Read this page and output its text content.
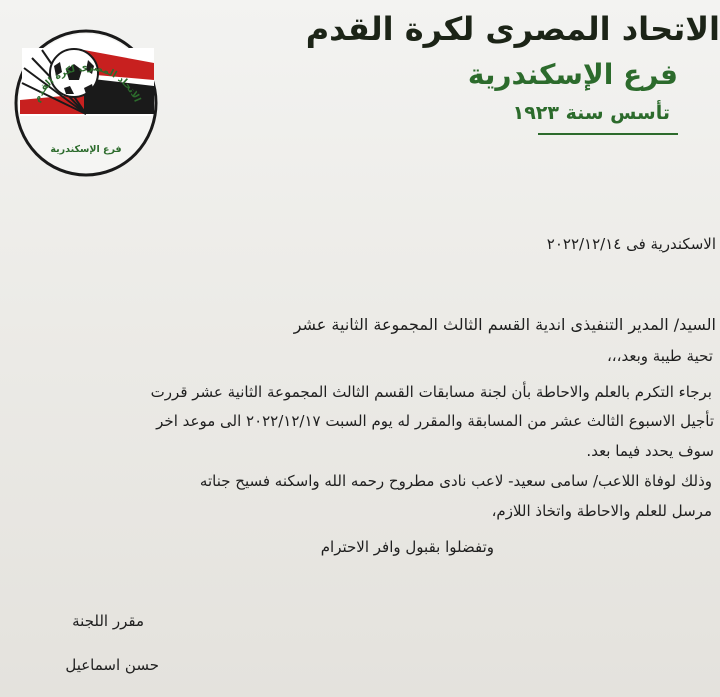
الاتحاد المصرى لكرة القدم
فرع الإسكندرية
الاتحاد المصرى لكرة القدم
فرع الإسكندرية
تأسس سنة ١٩٢٣
الاسكندرية فى ٢٠٢٢/١٢/١٤
السيد/ المدير التنفيذى اندية القسم الثالث المجموعة الثانية عشر
تحية طيبة وبعد،،،
برجاء التكرم بالعلم والاحاطة بأن لجنة مسابقات القسم الثالث المجموعة الثانية عشر قررت
تأجيل الاسبوع الثالث عشر من المسابقة والمقرر له يوم السبت ٢٠٢٢/١٢/١٧ الى موعد اخر
سوف يحدد فيما بعد.
وذلك لوفاة اللاعب/ سامى سعيد- لاعب نادى مطروح رحمه الله واسكنه فسيح جناته
مرسل للعلم والاحاطة واتخاذ اللازم،
وتفضلوا بقبول وافر الاحترام
مقرر اللجنة
حسن اسماعيل
